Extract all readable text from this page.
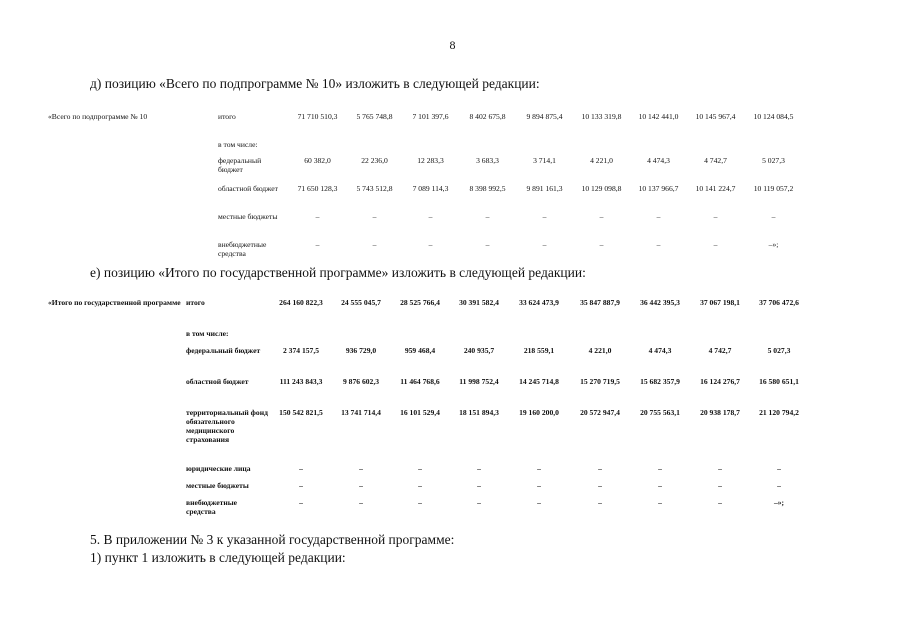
8
д) позицию «Всего по подпрограмме № 10» изложить в следующей редакции:
«Всего по подпрограмме № 10	итого	71 710 510,3	5 765 748,8	7 101 397,6	8 402 675,8	9 894 875,4	10 133 319,8	10 142 441,0	10 145 967,4	10 124 084,5
	в том числе:									
	федеральный бюджет	60 382,0	22 236,0	12 283,3	3 683,3	3 714,1	4 221,0	4 474,3	4 742,7	5 027,3
	областной бюджет	71 650 128,3	5 743 512,8	7 089 114,3	8 398 992,5	9 891 161,3	10 129 098,8	10 137 966,7	10 141 224,7	10 119 057,2
	местные бюджеты	–	–	–	–	–	–	–	–	–
	внебюджетные средства	–	–	–	–	–	–	–	–	–»;
е) позицию «Итого по государственной программе» изложить в следующей редакции:
«Итого по государственной программе	итого	264 160 822,3	24 555 045,7	28 525 766,4	30 391 582,4	33 624 473,9	35 847 887,9	36 442 395,3	37 067 198,1	37 706 472,6
	в том числе:									
	федеральный бюджет	2 374 157,5	936 729,0	959 468,4	240 935,7	218 559,1	4 221,0	4 474,3	4 742,7	5 027,3
	областной бюджет	111 243 843,3	9 876 602,3	11 464 768,6	11 998 752,4	14 245 714,8	15 270 719,5	15 682 357,9	16 124 276,7	16 580 651,1
	территориальный фонд обязательного медицинского страхования	150 542 821,5	13 741 714,4	16 101 529,4	18 151 894,3	19 160 200,0	20 572 947,4	20 755 563,1	20 938 178,7	21 120 794,2
	юридические лица	–	–	–	–	–	–	–	–	–
	местные бюджеты	–	–	–	–	–	–	–	–	–
	внебюджетные средства	–	–	–	–	–	–	–	–	–»;
5. В приложении № 3 к указанной государственной программе:
1) пункт 1 изложить в следующей редакции:
